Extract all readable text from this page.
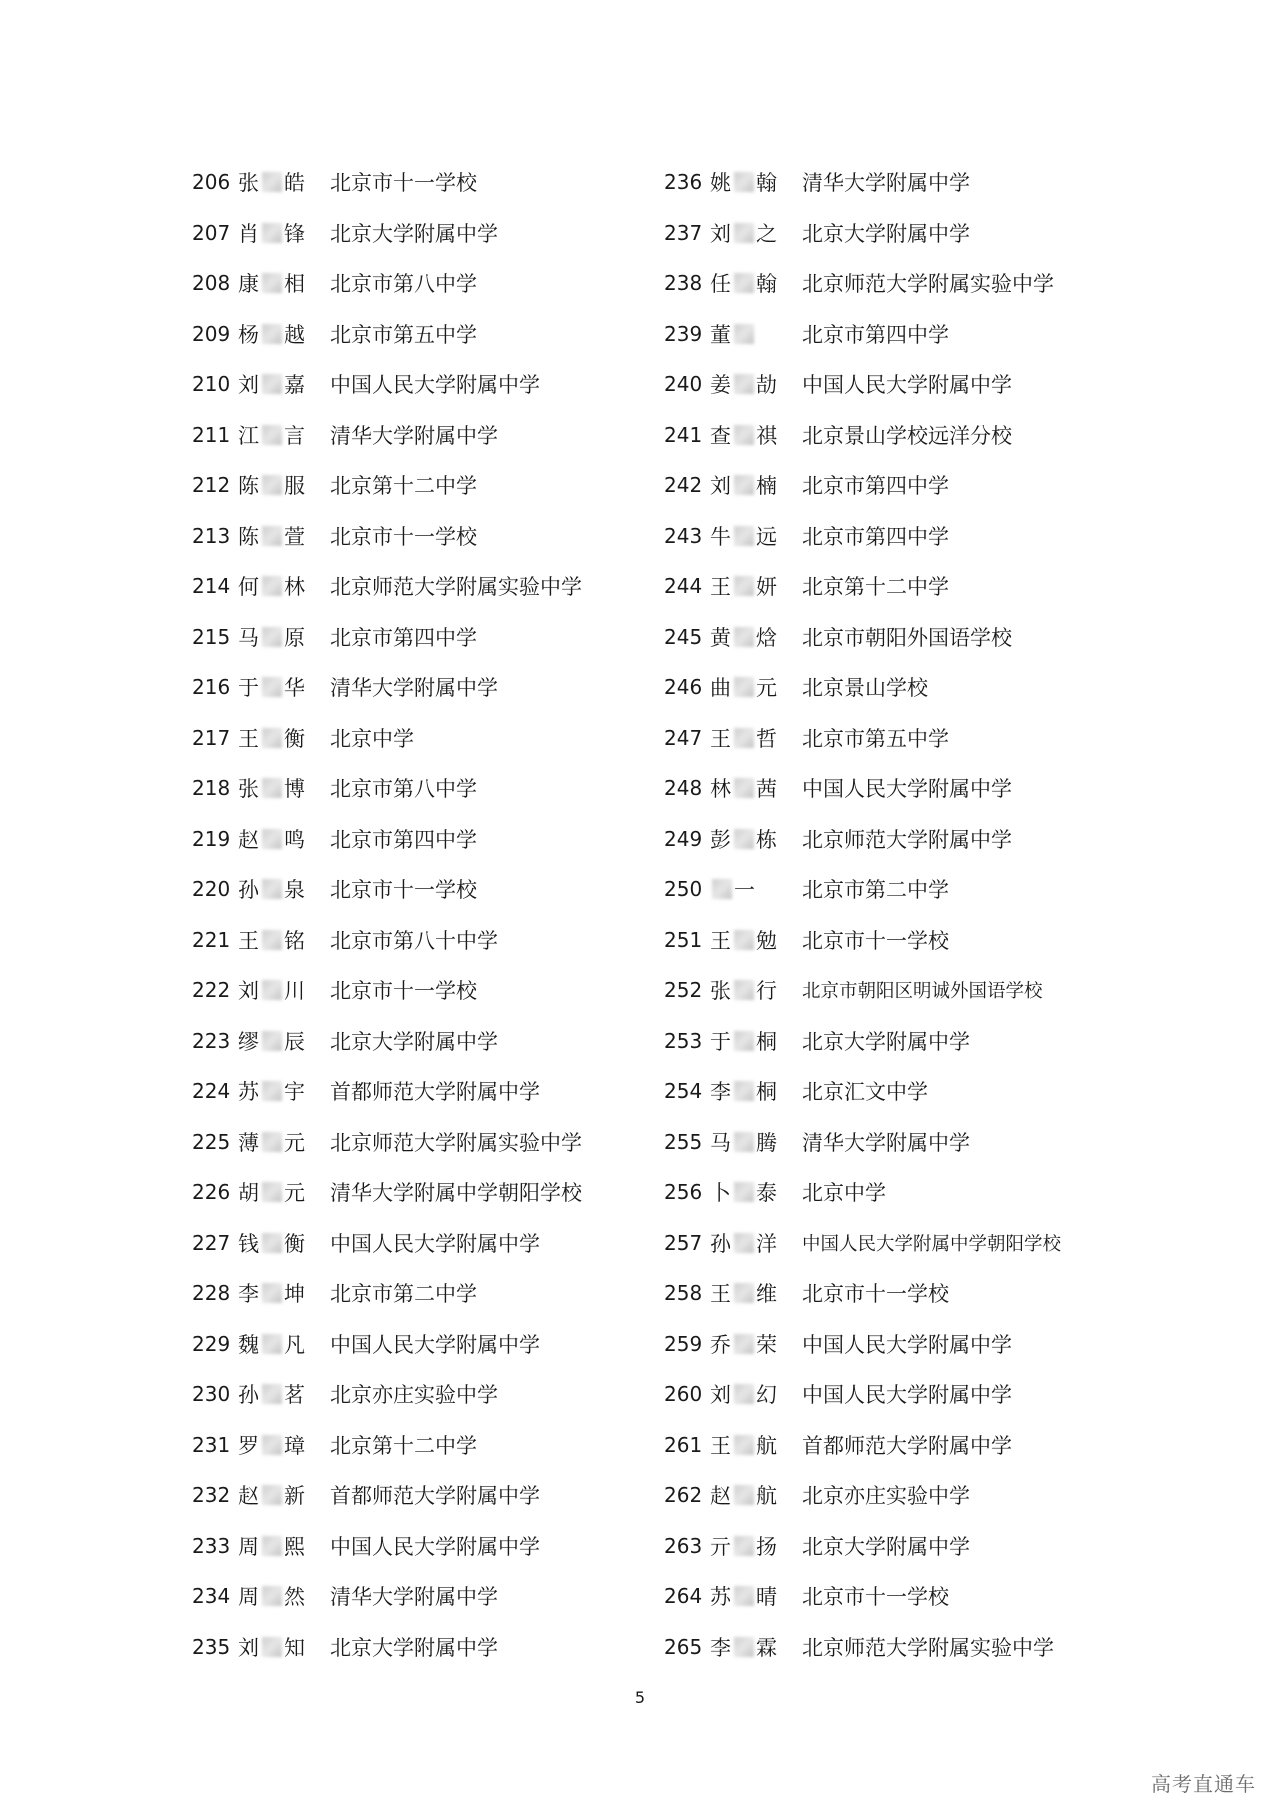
206 张 皓 北京市十一学校
207 肖 锋 北京大学附属中学
208 康 相 北京市第八中学
209 杨 越 北京市第五中学
210 刘 嘉 中国人民大学附属中学
211 江 言 清华大学附属中学
212 陈 服 北京第十二中学
213 陈 萱 北京市十一学校
214 何 林 北京师范大学附属实验中学
215 马 原 北京市第四中学
216 于 华 清华大学附属中学
217 王 衡 北京中学
218 张 博 北京市第八中学
219 赵 鸣 北京市第四中学
220 孙 泉 北京市十一学校
221 王 铭 北京市第八十中学
222 刘 川 北京市十一学校
223 缪 辰 北京大学附属中学
224 苏 宇 首都师范大学附属中学
225 薄 元 北京师范大学附属实验中学
226 胡 元 清华大学附属中学朝阳学校
227 钱 衡 中国人民大学附属中学
228 李 坤 北京市第二中学
229 魏 凡 中国人民大学附属中学
230 孙 茗 北京亦庄实验中学
231 罗 璋 北京第十二中学
232 赵 新 首都师范大学附属中学
233 周 熙 中国人民大学附属中学
234 周 然 清华大学附属中学
235 刘 知 北京大学附属中学
236 姚 翰 清华大学附属中学
237 刘 之 北京大学附属中学
238 任 翰 北京师范大学附属实验中学
239 董	北京市第四中学
240 姜 劼 中国人民大学附属中学
241 查 祺 北京景山学校远洋分校
242 刘 楠 北京市第四中学
243 牛 远 北京市第四中学
244 王 妍 北京第十二中学
245 黄 焓 北京市朝阳外国语学校
246 曲 元 北京景山学校
247 王 哲 北京市第五中学
248 林 茜 中国人民大学附属中学
249 彭 栋 北京师范大学附属中学
250	一 北京市第二中学
251 王 勉 北京市十一学校
252 张 行 北京市朝阳区明诚外国语学校
253 于 桐 北京大学附属中学
254 李 桐 北京汇文中学
255 马 腾 清华大学附属中学
256 卜 泰 北京中学
257 孙 洋 中国人民大学附属中学朝阳学校
258 王 维 北京市十一学校
259 乔 荣 中国人民大学附属中学
260 刘 幻 中国人民大学附属中学
261 王 航 首都师范大学附属中学
262 赵 航 北京亦庄实验中学
263 亓 扬 北京大学附属中学
264 苏 晴 北京市十一学校
265 李 霖 北京师范大学附属实验中学
5
高考直通车
